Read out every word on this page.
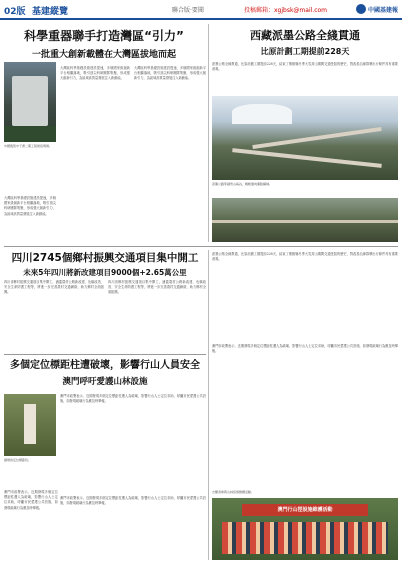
02版 基建縱覽	聯合版·要聞	投稿郵箱：xgjbsk@mail.com	中國基建報
科學重器聯手打造灣區“引力”
一批重大創新載體在大灣區拔地而起
大灣區科學基礎設施建設提速，多個國家級創新平台相繼落地，吸引頂尖科研團隊集聚，形成強大創新引力，為區域高質量發展注入新動能。
大灣區科學基礎設施建設提速，多個國家級創新平台相繼落地，吸引頂尖科研團隊集聚，形成強大創新引力，為區域高質量發展注入新動能。
中國散裂中子源二期工程建設現場。
大灣區科學基礎設施建設提速，多個國家級創新平台相繼落地，吸引頂尖科研團隊集聚，形成強大創新引力，為區域高質量發展注入新動能。
西藏派墨公路全綫貫通
比原計劃工期提前228天
派墨公路全線貫通，比原計劃工期提前228天，結束了墨脫縣冬季大雪封山期間交通受阻的歷史，對改善沿線群眾出行條件具有重要意義。
派墨公路穿越雪山峽谷，蜿蜒通向墨脫縣城。
四川2745個鄉村振興交通項目集中開工
未來5年四川將新改建項目9000個+2.65萬公里
四川省鄉村振興交通項目集中開工，涵蓋農村公路新改建、危橋改造、安全生命防護工程等，將進一步完善農村交通網絡，助力鄉村全面振興。
四川省鄉村振興交通項目集中開工，涵蓋農村公路新改建、危橋改造、安全生命防護工程等，將進一步完善農村交通網絡，助力鄉村全面振興。
多個定位標距柱遭破壞，影響行山人員安全
澳門呼吁愛護山林設施
損壞的定位標距柱。
澳門市政署表示，近期發現多個定位標距柱遭人為破壞，影響行山人士定位求助，呼籲市民愛護公共設施，如發現破壞行為應及時舉報。
澳門市政署表示，近期發現多個定位標距柱遭人為破壞，影響行山人士定位求助，呼籲市民愛護公共設施，如發現破壞行為應及時舉報。
澳門市政署表示，近期發現多個定位標距柱遭人為破壞，影響行山人士定位求助，呼籲市民愛護公共設施，如發現破壞行為應及時舉報。
派墨公路全線貫通，比原計劃工期提前228天，結束了墨脫縣冬季大雪封山期間交通受阻的歷史，對改善沿線群眾出行條件具有重要意義。
澳門市政署表示，近期發現多個定位標距柱遭人為破壞，影響行山人士定位求助，呼籲市民愛護公共設施，如發現破壞行為應及時舉報。
澳門行山徑設施維護活動
志願者參與山林設施維護活動。
